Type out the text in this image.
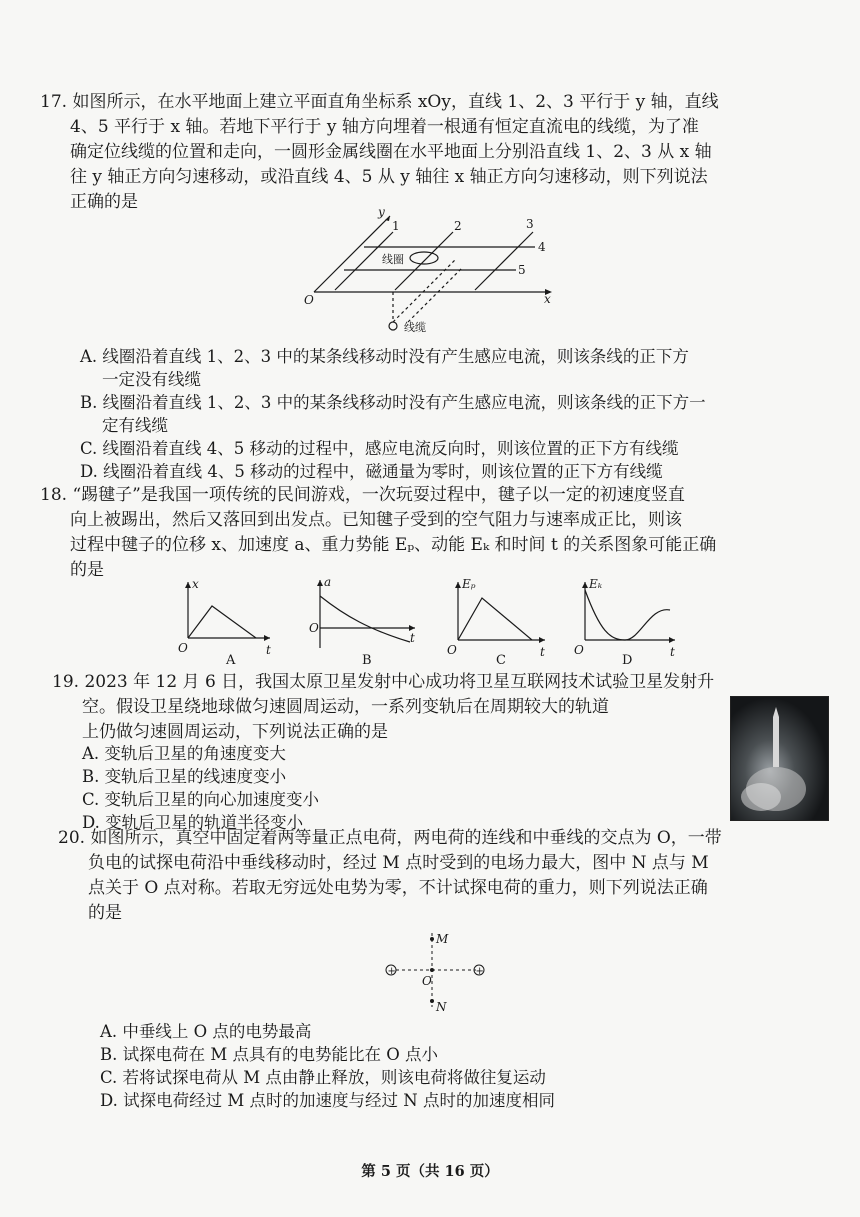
17. 如图所示，在水平地面上建立平面直角坐标系 xOy，直线 1、2、3 平行于 y 轴，直线
4、5 平行于 x 轴。若地下平行于 y 轴方向埋着一根通有恒定直流电的线缆，为了准
确定位线缆的位置和走向，一圆形金属线圈在水平地面上分别沿直线 1、2、3 从 x 轴
往 y 轴正方向匀速移动，或沿直线 4、5 从 y 轴往 x 轴正方向匀速移动，则下列说法
正确的是	y
x
O
1	2	3
4
5
线圈
线缆
A. 线圈沿着直线 1、2、3 中的某条线移动时没有产生感应电流，则该条线的正下方
一定没有线缆
B. 线圈沿着直线 1、2、3 中的某条线移动时没有产生感应电流，则该条线的正下方一
定有线缆
C. 线圈沿着直线 4、5 移动的过程中，感应电流反向时，则该位置的正下方有线缆
D. 线圈沿着直线 4、5 移动的过程中，磁通量为零时，则该位置的正下方有线缆
18. “踢毽子”是我国一项传统的民间游戏，一次玩耍过程中，毽子以一定的初速度竖直
向上被踢出，然后又落回到出发点。已知毽子受到的空气阻力与速率成正比，则该
过程中毽子的位移 x、加速度 a、重力势能 Eₚ、动能 Eₖ 和时间 t 的关系图象可能正确
的是
x
t
O
A
a
t
O
B
Eₚ
t
O
C
Eₖ
t
O
D
19. 2023 年 12 月 6 日，我国太原卫星发射中心成功将卫星互联网技术试验卫星发射升
空。假设卫星绕地球做匀速圆周运动，一系列变轨后在周期较大的轨道
上仍做匀速圆周运动，下列说法正确的是
A. 变轨后卫星的角速度变大
B. 变轨后卫星的线速度变小
C. 变轨后卫星的向心加速度变小
D. 变轨后卫星的轨道半径变小
20. 如图所示，真空中固定着两等量正点电荷，两电荷的连线和中垂线的交点为 O，一带
负电的试探电荷沿中垂线移动时，经过 M 点时受到的电场力最大，图中 N 点与 M
点关于 O 点对称。若取无穷远处电势为零，不计试探电荷的重力，则下列说法正确
的是
+	+
M
O
N
A. 中垂线上 O 点的电势最高
B. 试探电荷在 M 点具有的电势能比在 O 点小
C. 若将试探电荷从 M 点由静止释放，则该电荷将做往复运动
D. 试探电荷经过 M 点时的加速度与经过 N 点时的加速度相同
第 5 页（共 16 页）
